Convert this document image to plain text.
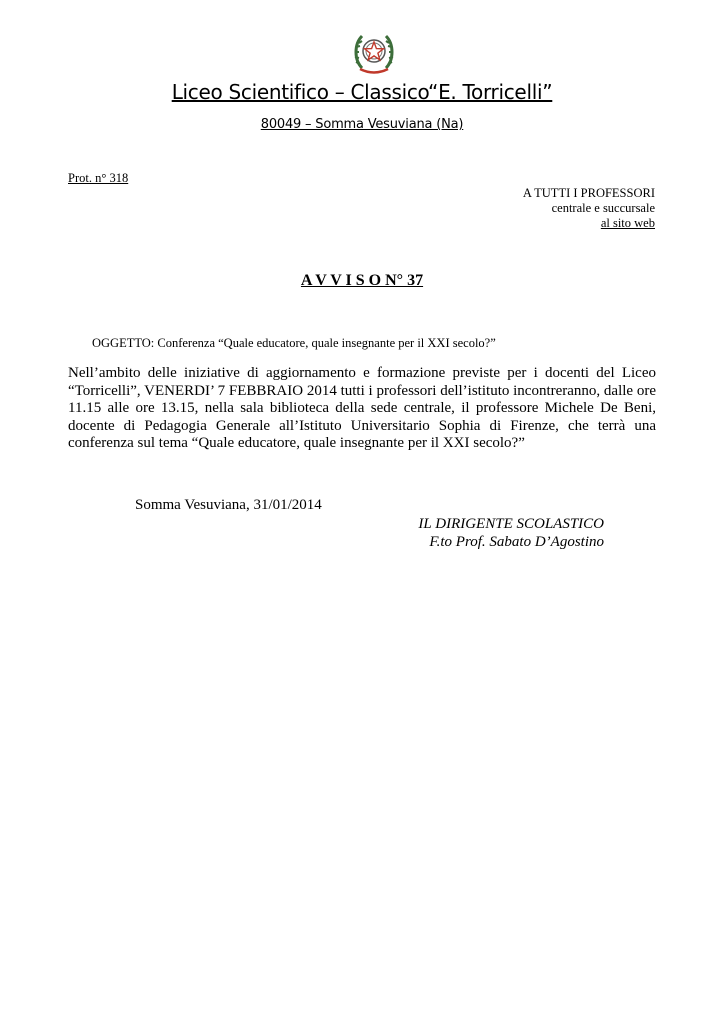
Liceo Scientifico – Classico“E. Torricelli”
80049 – Somma Vesuviana (Na)
Prot. n° 318
A TUTTI I PROFESSORI
centrale e succursale
al sito web
A V V I S O N° 37
OGGETTO: Conferenza “Quale educatore, quale insegnante per il XXI secolo?”
Nell’ambito delle iniziative di aggiornamento e formazione previste per i docenti del Liceo “Torricelli”, VENERDI’ 7 FEBBRAIO 2014 tutti i professori dell’istituto incontreranno, dalle ore 11.15 alle ore 13.15, nella sala biblioteca della sede centrale, il professore Michele De Beni, docente di Pedagogia Generale all’Istituto Universitario Sophia di Firenze, che terrà una conferenza sul tema “Quale educatore, quale insegnante per il XXI secolo?”
Somma Vesuviana, 31/01/2014
IL DIRIGENTE SCOLASTICO
F.to Prof. Sabato D’Agostino
